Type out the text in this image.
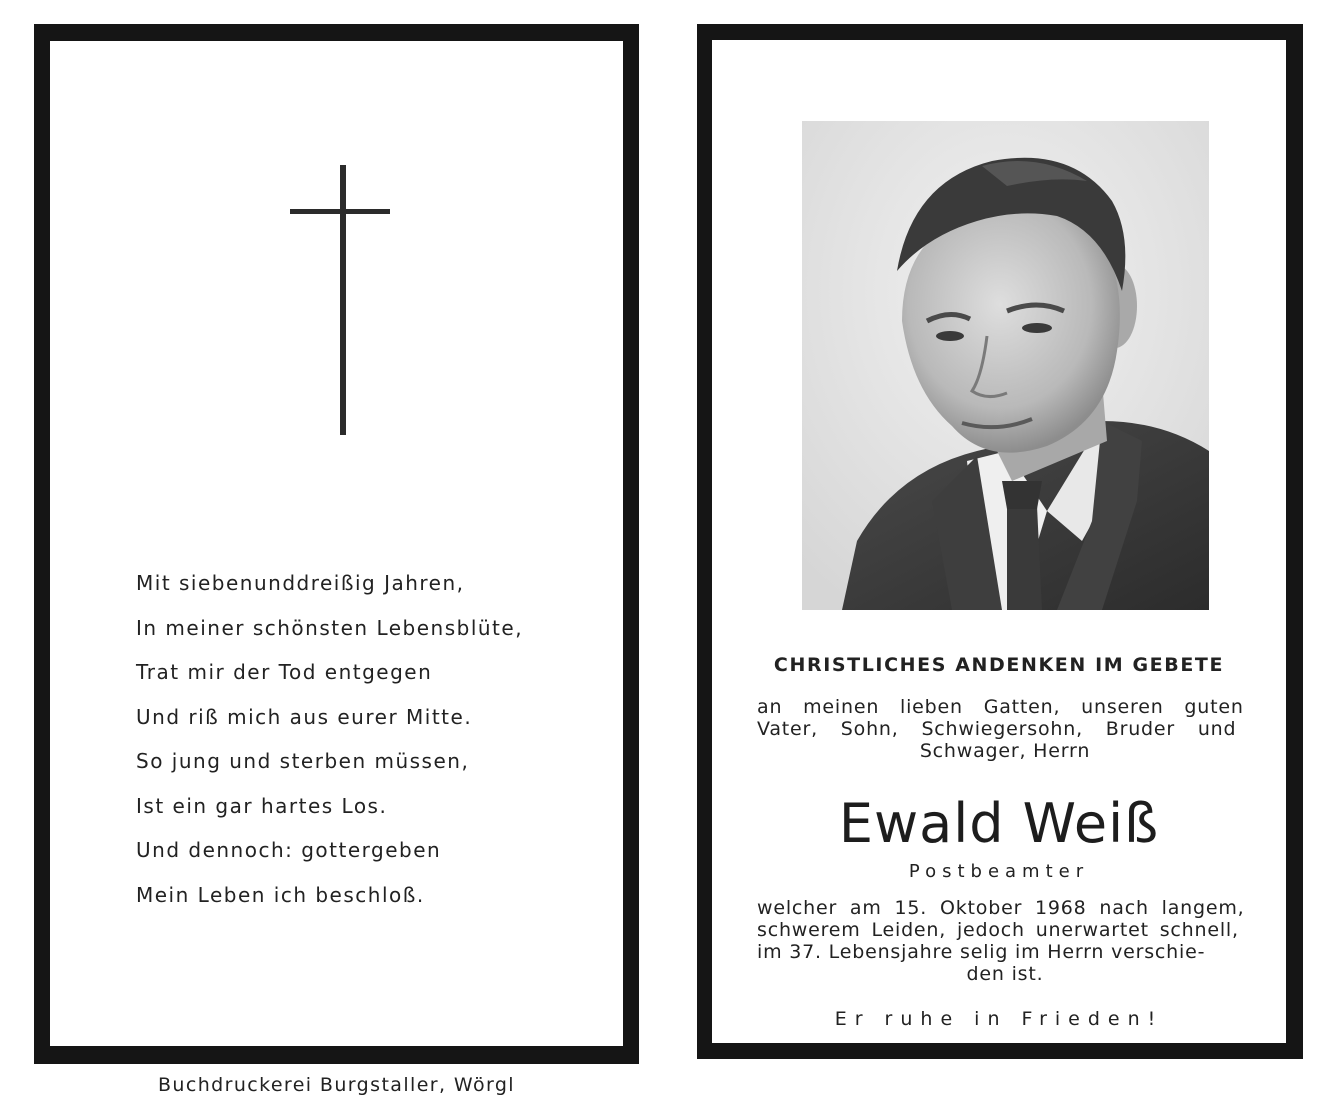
Mit siebenunddreißig Jahren,
In meiner schönsten Lebensblüte,
Trat mir der Tod entgegen
Und riß mich aus eurer Mitte.
So jung und sterben müssen,
Ist ein gar hartes Los.
Und dennoch: gottergeben
Mein Leben ich beschloß.
Buchdruckerei Burgstaller, Wörgl
CHRISTLICHES ANDENKEN IM GEBETE
an meinen lieben Gatten, unseren guten
Vater, Sohn, Schwiegersohn, Bruder und
Schwager, Herrn
Ewald Weiß
Postbeamter
welcher am 15. Oktober 1968 nach langem,
schwerem Leiden, jedoch unerwartet schnell,
im 37. Lebensjahre selig im Herrn verschie-
den ist.
Er ruhe in Frieden!
